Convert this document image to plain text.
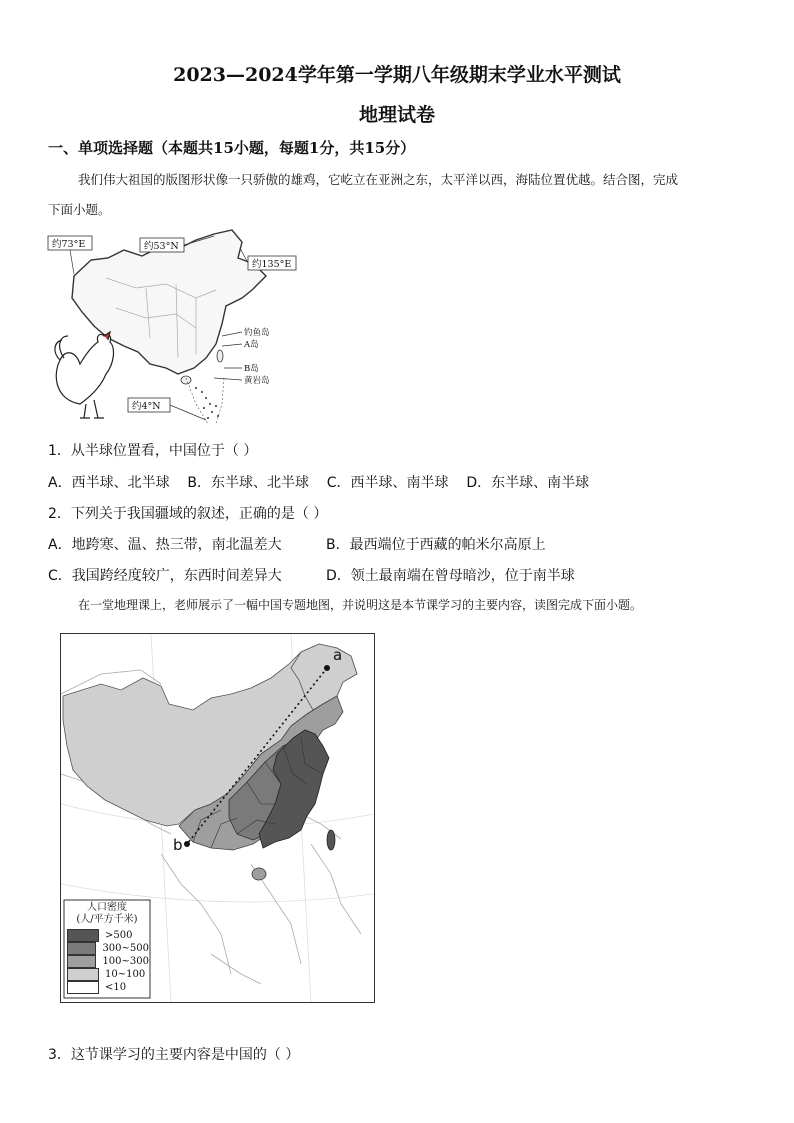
2023—2024学年第一学期八年级期末学业水平测试
地理试卷
一、单项选择题（本题共15小题，每题1分，共15分）
我们伟大祖国的版图形状像一只骄傲的雄鸡，它屹立在亚洲之东，太平洋以西，海陆位置优越。结合图，完成
下面小题。
约73°E	约53°N
约135°E
约4°N
钓鱼岛
A岛
B岛
黄岩岛
1．从半球位置看，中国位于（ ）
A．西半球、北半球    B．东半球、北半球    C．西半球、南半球    D．东半球、南半球
2．下列关于我国疆域的叙述，正确的是（ ）
A．地跨寒、温、热三带，南北温差大	B．最西端位于西藏的帕米尔高原上
C．我国跨经度较广，东西时间差异大	D．领土最南端在曾母暗沙，位于南半球
在一堂地理课上，老师展示了一幅中国专题地图，并说明这是本节课学习的主要内容，读图完成下面小题。
a
b
人口密度
(人/平方千米)
>500
300~500
100~300
10~100
<10
3．这节课学习的主要内容是中国的（ ）
